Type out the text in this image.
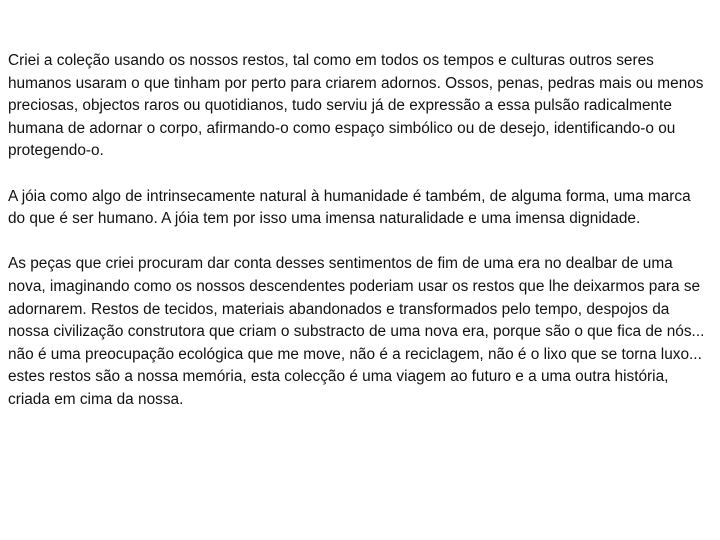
Criei a coleção usando os nossos restos, tal como em todos os tempos e culturas outros seres humanos usaram o que tinham por perto para criarem adornos. Ossos, penas, pedras mais ou menos preciosas, objectos raros ou quotidianos, tudo serviu já de expressão a essa pulsão radicalmente humana de adornar o corpo, afirmando-o como espaço simbólico ou de desejo, identificando-o ou protegendo-o.

A jóia como algo de intrinsecamente natural à humanidade é também, de alguma forma, uma marca do que é ser humano. A jóia tem por isso uma imensa naturalidade e uma imensa dignidade.

As peças que criei procuram dar conta desses sentimentos de fim de uma era no dealbar de uma nova, imaginando como os nossos descendentes poderiam usar os restos que lhe deixarmos para se adornarem. Restos de tecidos, materiais abandonados e transformados pelo tempo, despojos da nossa civilização construtora que criam o substracto de uma nova era, porque são o que fica de nós... não é uma preocupação ecológica que me move, não é a reciclagem, não é o lixo que se torna luxo... estes restos são a nossa memória, esta colecção é uma viagem ao futuro e a uma outra história, criada em cima da nossa.
